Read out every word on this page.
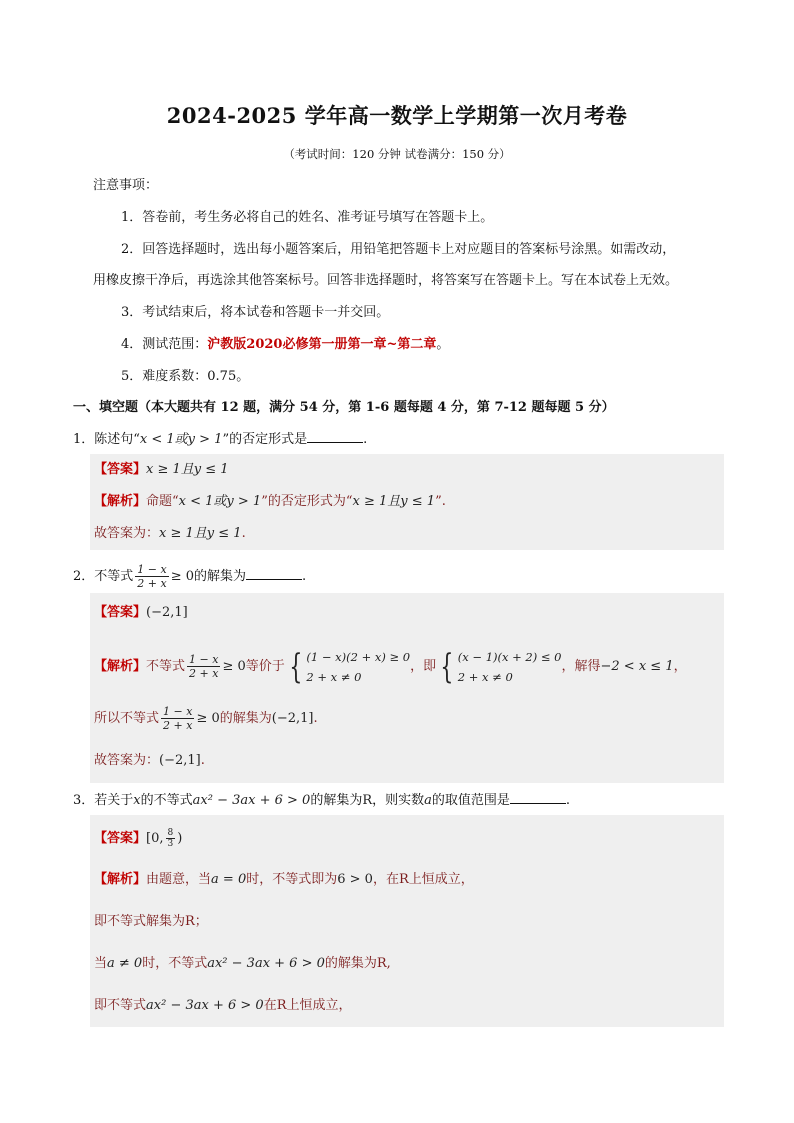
2024-2025 学年高一数学上学期第一次月考卷
（考试时间：120 分钟 试卷满分：150 分）
注意事项：
1．答卷前，考生务必将自己的姓名、准考证号填写在答题卡上。
2．回答选择题时，选出每小题答案后，用铅笔把答题卡上对应题目的答案标号涂黑。如需改动，
用橡皮擦干净后，再选涂其他答案标号。回答非选择题时，将答案写在答题卡上。写在本试卷上无效。
3．考试结束后，将本试卷和答题卡一并交回。
4．测试范围：沪教版2020必修第一册第一章~第二章。
5．难度系数：0.75。
一、填空题（本大题共有 12 题，满分 54 分，第 1-6 题每题 4 分，第 7-12 题每题 5 分）
1．陈述句“x < 1或y > 1”的否定形式是	.
【答案】x ≥ 1且y ≤ 1
【解析】命题“x < 1或y > 1”的否定形式为“x ≥ 1且y ≤ 1”.
故答案为：x ≥ 1且y ≤ 1.
2．不等式 $\frac{1 - x}{2 + x} \ge 0$的解集为	.
【答案】(−2,1]
【解析】不等式 $\frac{1 - x}{2 + x} \ge 0$等价于 { (1 − x)(2 + x) ≥ 0
2 + x ≠ 0
，即 { (x − 1)(x + 2) ≤ 0
2 + x ≠ 0
，解得−2 < x ≤ 1，
所以不等式 $\frac{1 - x}{2 + x} \ge 0$的解集为(−2,1].
故答案为：(−2,1].
3．若关于x的不等式ax² − 3ax + 6 > 0的解集为R，则实数a的取值范围是	.
【答案】[0, $\frac{8}{3}$ )
【解析】由题意，当a = 0时，不等式即为6 > 0，在R上恒成立，
即不等式解集为R；
当a ≠ 0时，不等式ax² − 3ax + 6 > 0的解集为R,
即不等式ax² − 3ax + 6 > 0在R上恒成立，
